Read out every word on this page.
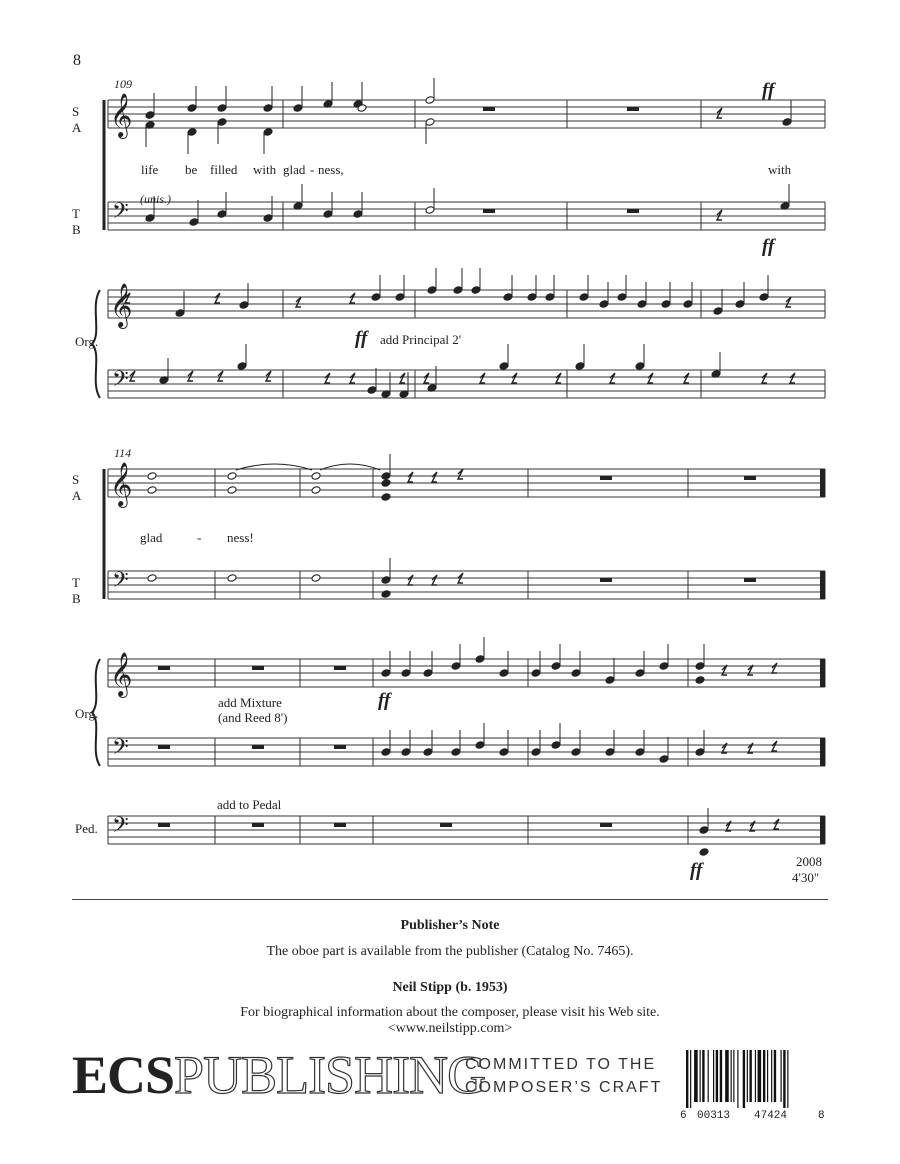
𝄞
𝄢
𝄞
𝄢
𝄞
𝄢
𝄞
𝄢
𝄢
8
109
S
A
T
B
Org.
life be filled with glad - ness,	with
(unis.)
ff
ff
ff add Principal 2'
114
S
A
T
B
Org.
Ped.
glad	- ness!
add Mixture
(and Reed 8')
add to Pedal
ff
ff	2008
4'30"
Publisher’s Note
The oboe part is available from the publisher (Catalog No. 7465).
Neil Stipp (b. 1953)
For biographical information about the composer, please visit his Web site.
<www.neilstipp.com>
ECSPUBLISHING
COMMITTED TO THE
COMPOSER’S CRAFT
6 00313 47424	8
